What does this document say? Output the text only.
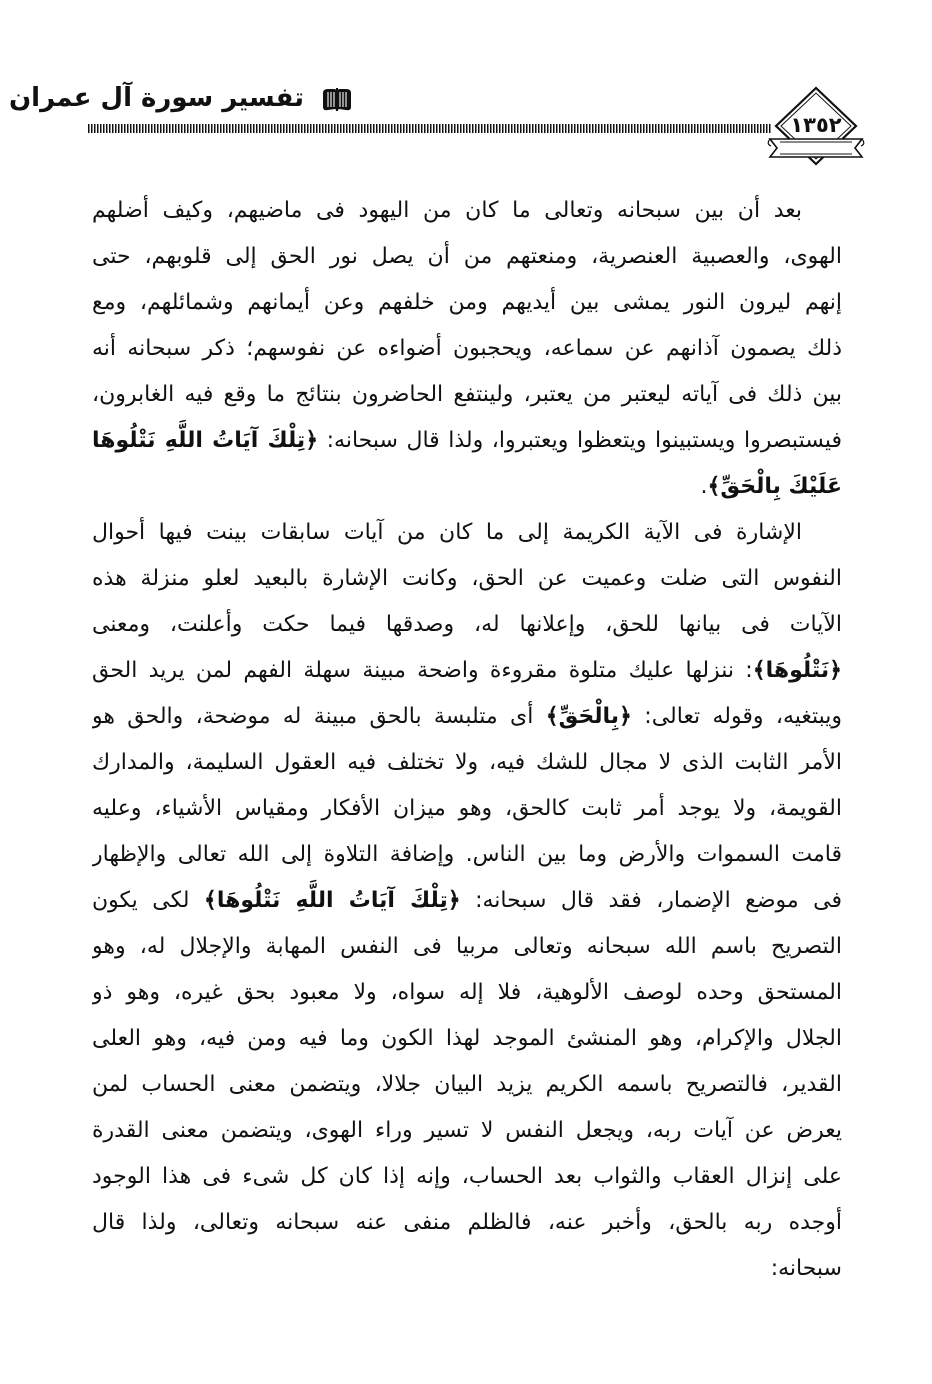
تفسير سورة آل عمران
١٣٥٢
بعد أن بين سبحانه وتعالى ما كان من اليهود فى ماضيهم، وكيف أضلهم
الهوى، والعصبية العنصرية، ومنعتهم من أن يصل نور الحق إلى قلوبهم، حتى
إنهم ليرون النور يمشى بين أيديهم ومن خلفهم وعن أيمانهم وشمائلهم، ومع
ذلك يصمون آذانهم عن سماعه، ويحجبون أضواءه عن نفوسهم؛ ذكر سبحانه أنه
بين ذلك فى آياته ليعتبر من يعتبر، ولينتفع الحاضرون بنتائج ما وقع فيه الغابرون،
فيستبصروا ويستبينوا ويتعظوا ويعتبروا، ولذا قال سبحانه: ﴿تِلْكَ آيَاتُ اللَّهِ نَتْلُوهَا
عَلَيْكَ بِالْحَقِّ﴾.
الإشارة فى الآية الكريمة إلى ما كان من آيات سابقات بينت فيها أحوال
النفوس التى ضلت وعميت عن الحق، وكانت الإشارة بالبعيد لعلو منزلة هذه
الآيات فى بيانها للحق، وإعلانها له، وصدقها فيما حكت وأعلنت، ومعنى
﴿نَتْلُوهَا﴾: ننزلها عليك متلوة مقروءة واضحة مبينة سهلة الفهم لمن يريد الحق
ويبتغيه، وقوله تعالى: ﴿بِالْحَقِّ﴾ أى متلبسة بالحق مبينة له موضحة، والحق هو
الأمر الثابت الذى لا مجال للشك فيه، ولا تختلف فيه العقول السليمة، والمدارك
القويمة، ولا يوجد أمر ثابت كالحق، وهو ميزان الأفكار ومقياس الأشياء، وعليه
قامت السموات والأرض وما بين الناس. وإضافة التلاوة إلى الله تعالى والإظهار
فى موضع الإضمار، فقد قال سبحانه: ﴿تِلْكَ آيَاتُ اللَّهِ نَتْلُوهَا﴾ لكى يكون
التصريح باسم الله سبحانه وتعالى مربيا فى النفس المهابة والإجلال له، وهو
المستحق وحده لوصف الألوهية، فلا إله سواه، ولا معبود بحق غيره، وهو ذو
الجلال والإكرام، وهو المنشئ الموجد لهذا الكون وما فيه ومن فيه، وهو العلى
القدير، فالتصريح باسمه الكريم يزيد البيان جلالا، ويتضمن معنى الحساب لمن
يعرض عن آيات ربه، ويجعل النفس لا تسير وراء الهوى، ويتضمن معنى القدرة
على إنزال العقاب والثواب بعد الحساب، وإنه إذا كان كل شىء فى هذا الوجود
أوجده ربه بالحق، وأخبر عنه، فالظلم منفى عنه سبحانه وتعالى، ولذا قال
سبحانه:
